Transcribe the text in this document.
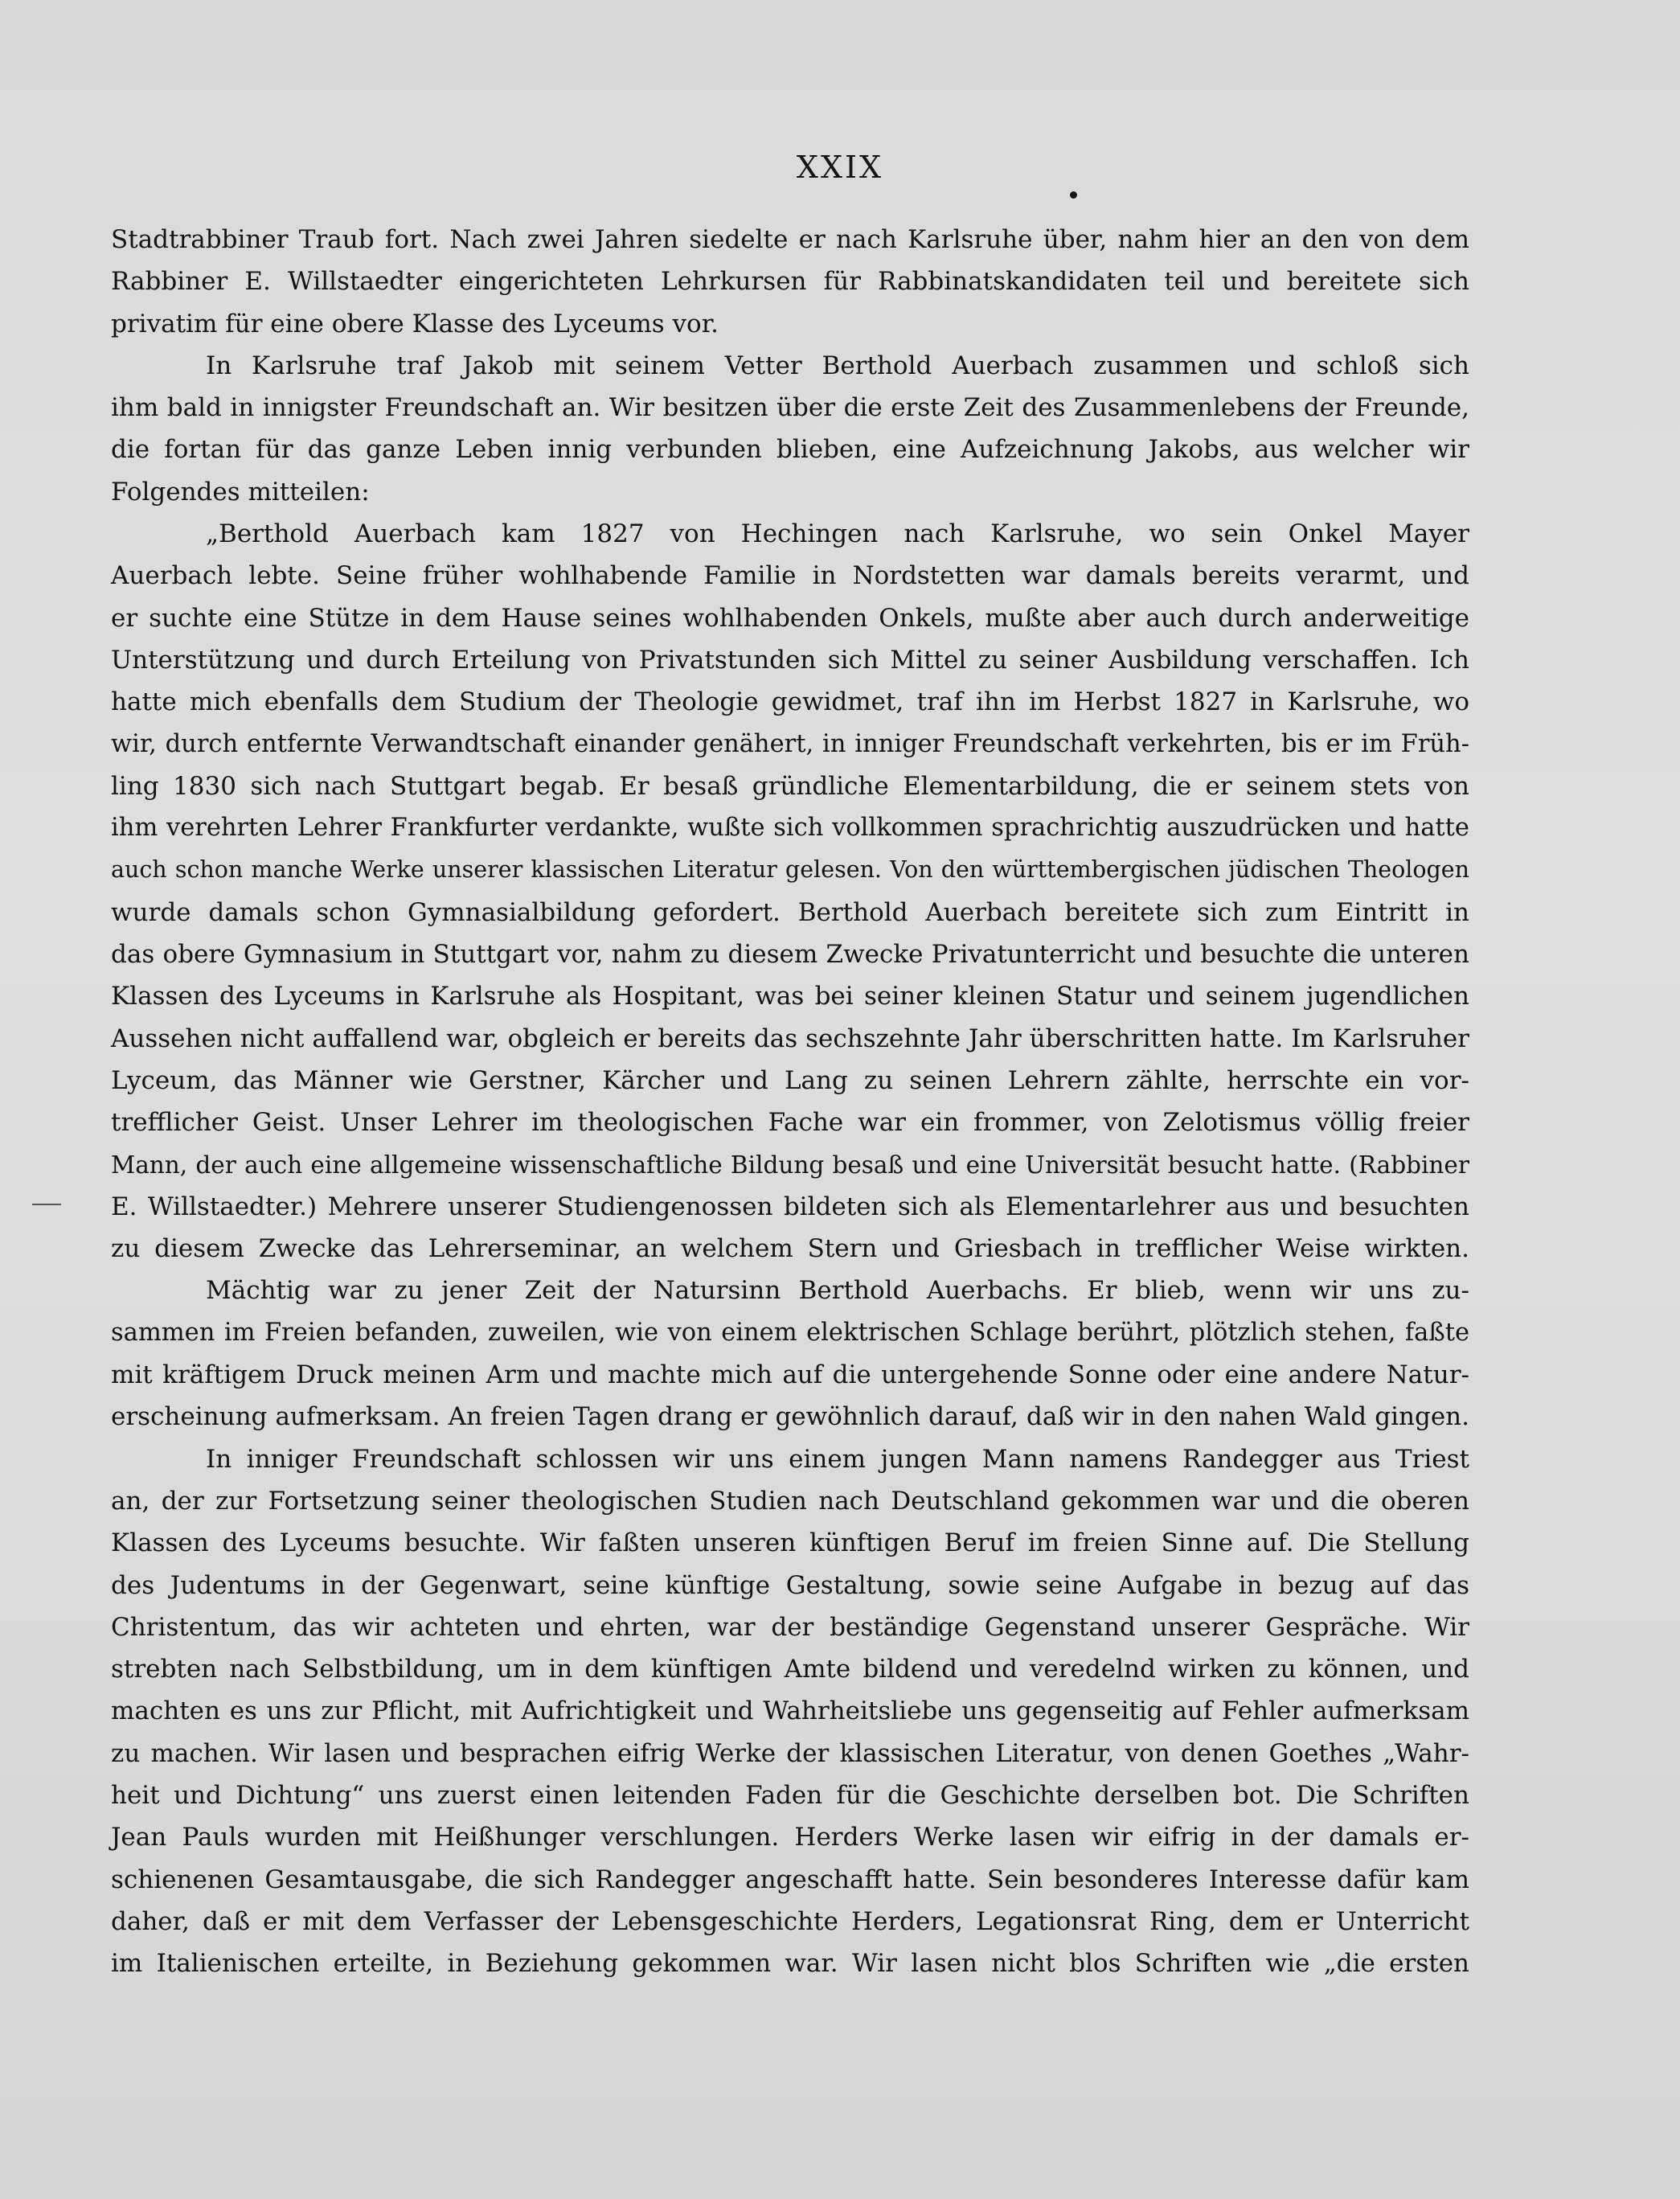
XXIX
Stadtrabbiner Traub fort. Nach zwei Jahren siedelte er nach Karlsruhe über, nahm hier an den von dem
Rabbiner E. Willstaedter eingerichteten Lehrkursen für Rabbinatskandidaten teil und bereitete sich
privatim für eine obere Klasse des Lyceums vor.
In Karlsruhe traf Jakob mit seinem Vetter Berthold Auerbach zusammen und schloß sich
ihm bald in innigster Freundschaft an. Wir besitzen über die erste Zeit des Zusammenlebens der Freunde,
die fortan für das ganze Leben innig verbunden blieben, eine Aufzeichnung Jakobs, aus welcher wir
Folgendes mitteilen:
„Berthold Auerbach kam 1827 von Hechingen nach Karlsruhe, wo sein Onkel Mayer
Auerbach lebte. Seine früher wohlhabende Familie in Nordstetten war damals bereits verarmt, und
er suchte eine Stütze in dem Hause seines wohlhabenden Onkels, mußte aber auch durch anderweitige
Unterstützung und durch Erteilung von Privatstunden sich Mittel zu seiner Ausbildung verschaffen. Ich
hatte mich ebenfalls dem Studium der Theologie gewidmet, traf ihn im Herbst 1827 in Karlsruhe, wo
wir, durch entfernte Verwandtschaft einander genähert, in inniger Freundschaft verkehrten, bis er im Früh-
ling 1830 sich nach Stuttgart begab. Er besaß gründliche Elementarbildung, die er seinem stets von
ihm verehrten Lehrer Frankfurter verdankte, wußte sich vollkommen sprachrichtig auszudrücken und hatte
auch schon manche Werke unserer klassischen Literatur gelesen. Von den württembergischen jüdischen Theologen
wurde damals schon Gymnasialbildung gefordert. Berthold Auerbach bereitete sich zum Eintritt in
das obere Gymnasium in Stuttgart vor, nahm zu diesem Zwecke Privatunterricht und besuchte die unteren
Klassen des Lyceums in Karlsruhe als Hospitant, was bei seiner kleinen Statur und seinem jugendlichen
Aussehen nicht auffallend war, obgleich er bereits das sechszehnte Jahr überschritten hatte. Im Karlsruher
Lyceum, das Männer wie Gerstner, Kärcher und Lang zu seinen Lehrern zählte, herrschte ein vor-
trefflicher Geist. Unser Lehrer im theologischen Fache war ein frommer, von Zelotismus völlig freier
Mann, der auch eine allgemeine wissenschaftliche Bildung besaß und eine Universität besucht hatte. (Rabbiner
E. Willstaedter.) Mehrere unserer Studiengenossen bildeten sich als Elementarlehrer aus und besuchten
zu diesem Zwecke das Lehrerseminar, an welchem Stern und Griesbach in trefflicher Weise wirkten.
Mächtig war zu jener Zeit der Natursinn Berthold Auerbachs. Er blieb, wenn wir uns zu-
sammen im Freien befanden, zuweilen, wie von einem elektrischen Schlage berührt, plötzlich stehen, faßte
mit kräftigem Druck meinen Arm und machte mich auf die untergehende Sonne oder eine andere Natur-
erscheinung aufmerksam. An freien Tagen drang er gewöhnlich darauf, daß wir in den nahen Wald gingen.
In inniger Freundschaft schlossen wir uns einem jungen Mann namens Randegger aus Triest
an, der zur Fortsetzung seiner theologischen Studien nach Deutschland gekommen war und die oberen
Klassen des Lyceums besuchte. Wir faßten unseren künftigen Beruf im freien Sinne auf. Die Stellung
des Judentums in der Gegenwart, seine künftige Gestaltung, sowie seine Aufgabe in bezug auf das
Christentum, das wir achteten und ehrten, war der beständige Gegenstand unserer Gespräche. Wir
strebten nach Selbstbildung, um in dem künftigen Amte bildend und veredelnd wirken zu können, und
machten es uns zur Pflicht, mit Aufrichtigkeit und Wahrheitsliebe uns gegenseitig auf Fehler aufmerksam
zu machen. Wir lasen und besprachen eifrig Werke der klassischen Literatur, von denen Goethes „Wahr-
heit und Dichtung“ uns zuerst einen leitenden Faden für die Geschichte derselben bot. Die Schriften
Jean Pauls wurden mit Heißhunger verschlungen. Herders Werke lasen wir eifrig in der damals er-
schienenen Gesamtausgabe, die sich Randegger angeschafft hatte. Sein besonderes Interesse dafür kam
daher, daß er mit dem Verfasser der Lebensgeschichte Herders, Legationsrat Ring, dem er Unterricht
im Italienischen erteilte, in Beziehung gekommen war. Wir lasen nicht blos Schriften wie „die ersten
